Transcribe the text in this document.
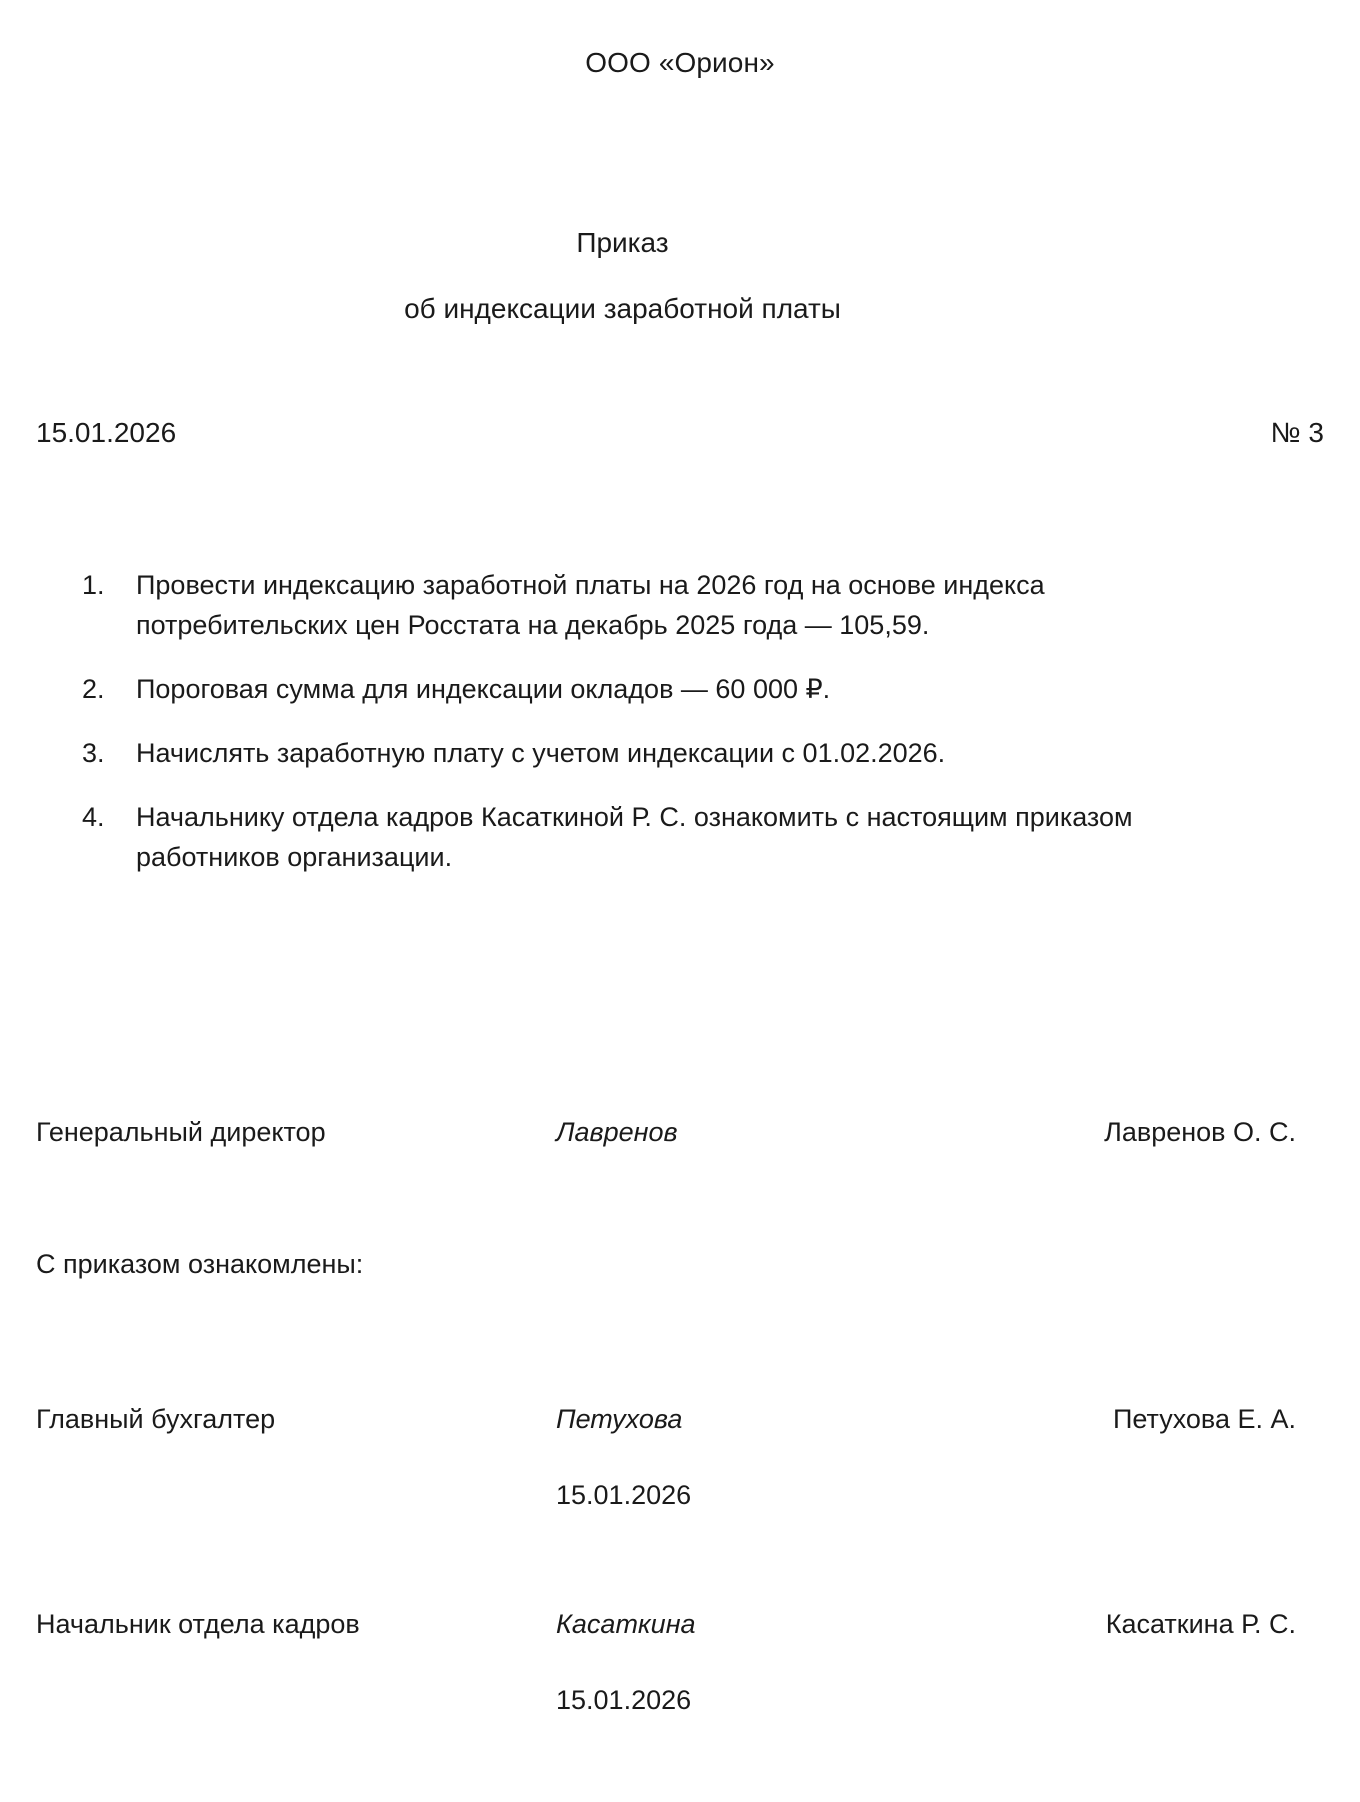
ООО «Орион»
Приказ
об индексации заработной платы
15.01.2026	№ 3
1.	Провести индексацию заработной платы на 2026 год на основе индекса потребительских цен Росстата на декабрь 2025 года — 105,59.
2.	Пороговая сумма для индексации окладов — 60 000 ₽.
3.	Начислять заработную плату с учетом индексации с 01.02.2026.
4.	Начальнику отдела кадров Касаткиной Р. С. ознакомить с настоящим приказом работников организации.
Генеральный директор	Лавренов	Лавренов О. С.
С приказом ознакомлены:
Главный бухгалтер	Петухова	Петухова Е. А.
15.01.2026
Начальник отдела кадров	Касаткина	Касаткина Р. С.
15.01.2026
